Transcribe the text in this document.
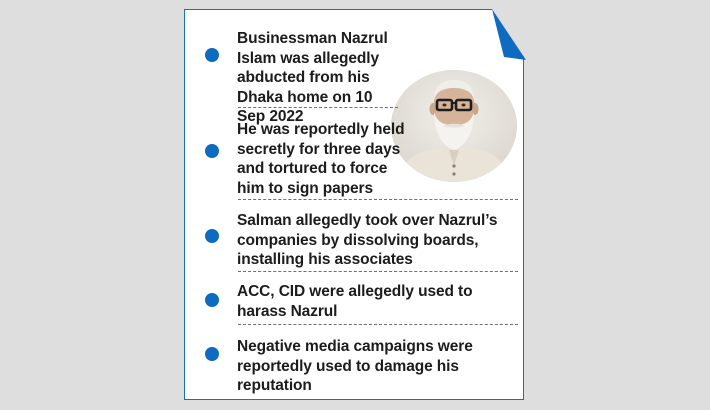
Businessman Nazrul Islam was allegedly abducted from his Dhaka home on 10 Sep 2022

He was reportedly held secretly for three days and tortured to force him to sign papers

Salman allegedly took over Nazrul’s companies by dissolving boards, installing his associates

ACC, CID were allegedly used to harass Nazrul

Negative media campaigns were reportedly used to damage his reputation
